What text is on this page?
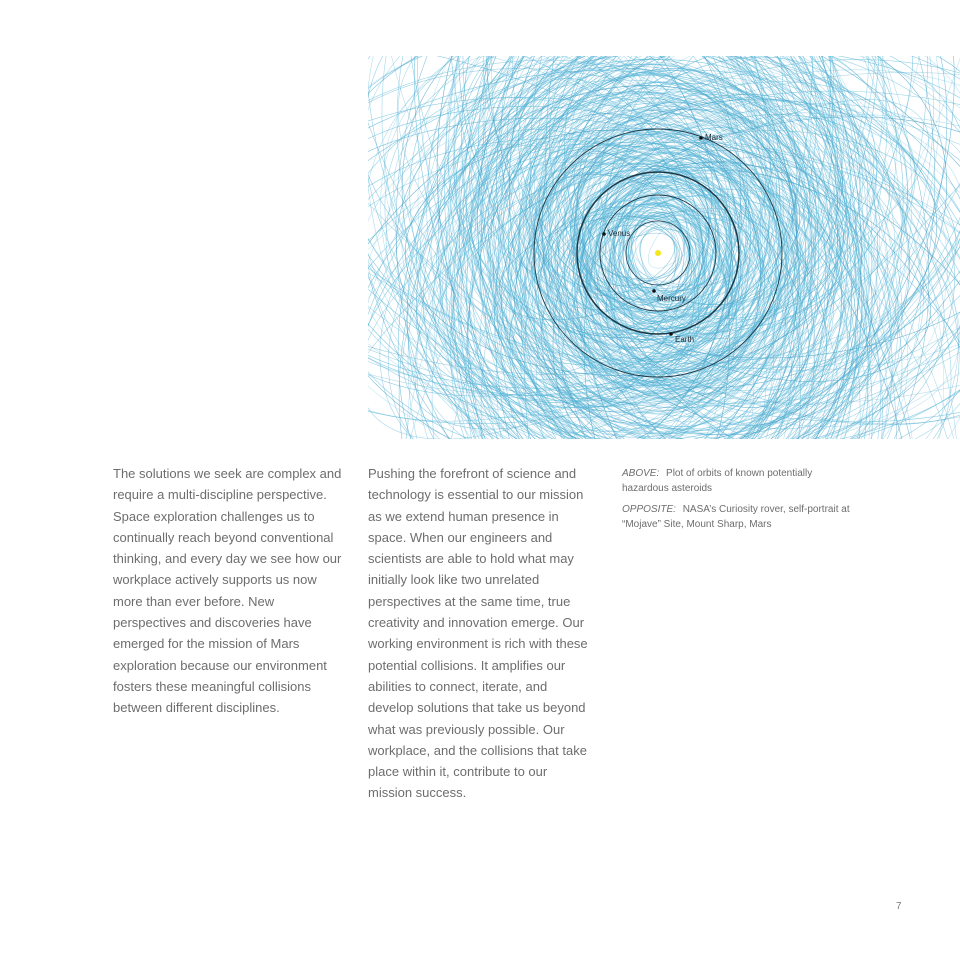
Mercury
Venus
Earth
Mars

The solutions we seek are complex and require a multi-discipline perspective. Space exploration challenges us to continually reach beyond conventional thinking, and every day we see how our workplace actively supports us now more than ever before. New perspectives and discoveries have emerged for the mission of Mars exploration because our environment fosters these meaningful collisions between different disciplines.

Pushing the forefront of science and technology is essential to our mission as we extend human presence in space. When our engineers and scientists are able to hold what may initially look like two unrelated perspectives at the same time, true creativity and innovation emerge. Our working environment is rich with these potential collisions. It amplifies our abilities to connect, iterate, and develop solutions that take us beyond what was previously possible. Our workplace, and the collisions that take place within it, contribute to our mission success.

ABOVE: Plot of orbits of known potentially hazardous asteroids

OPPOSITE: NASA’s Curiosity rover, self-portrait at “Mojave” Site, Mount Sharp, Mars

7
